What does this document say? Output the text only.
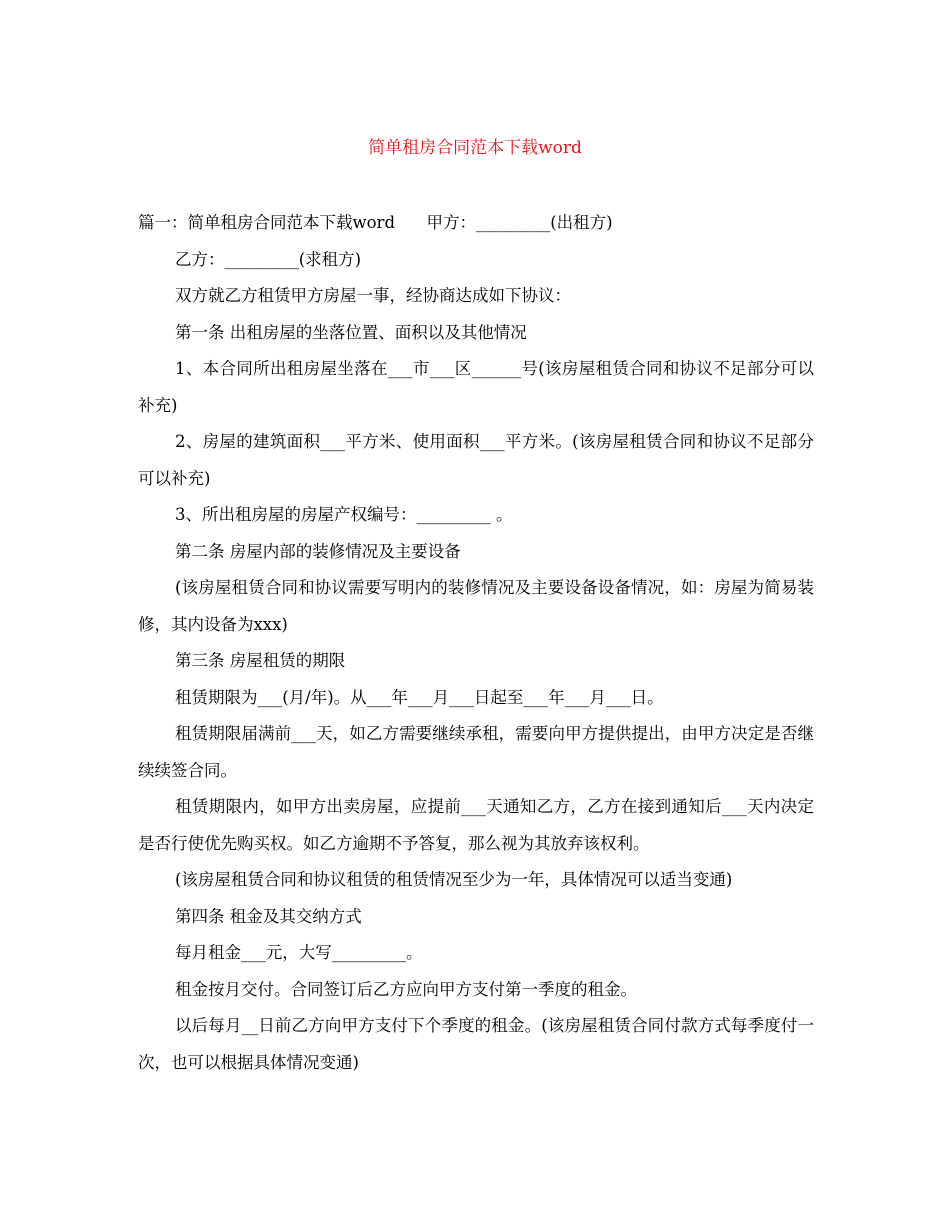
简单租房合同范本下载word

篇一：简单租房合同范本下载word      甲方：_________(出租方)

乙方：_________(求租方)

双方就乙方租赁甲方房屋一事，经协商达成如下协议：

第一条 出租房屋的坐落位置、面积以及其他情况

1、本合同所出租房屋坐落在___市___区______号(该房屋租赁合同和协议不足部分可以补充)

2、房屋的建筑面积___平方米、使用面积___平方米。(该房屋租赁合同和协议不足部分可以补充)

3、所出租房屋的房屋产权编号：_________ 。

第二条 房屋内部的装修情况及主要设备

(该房屋租赁合同和协议需要写明内的装修情况及主要设备设备情况，如：房屋为简易装修，其内设备为xxx)

第三条 房屋租赁的期限

租赁期限为___(月/年)。从___年___月___日起至___年___月___日。

租赁期限届满前___天，如乙方需要继续承租，需要向甲方提供提出，由甲方决定是否继续续签合同。

租赁期限内，如甲方出卖房屋，应提前___天通知乙方，乙方在接到通知后___天内决定是否行使优先购买权。如乙方逾期不予答复，那么视为其放弃该权利。

(该房屋租赁合同和协议租赁的租赁情况至少为一年，具体情况可以适当变通)

第四条 租金及其交纳方式

每月租金___元，大写_________。

租金按月交付。合同签订后乙方应向甲方支付第一季度的租金。

以后每月__日前乙方向甲方支付下个季度的租金。(该房屋租赁合同付款方式每季度付一次，也可以根据具体情况变通)
